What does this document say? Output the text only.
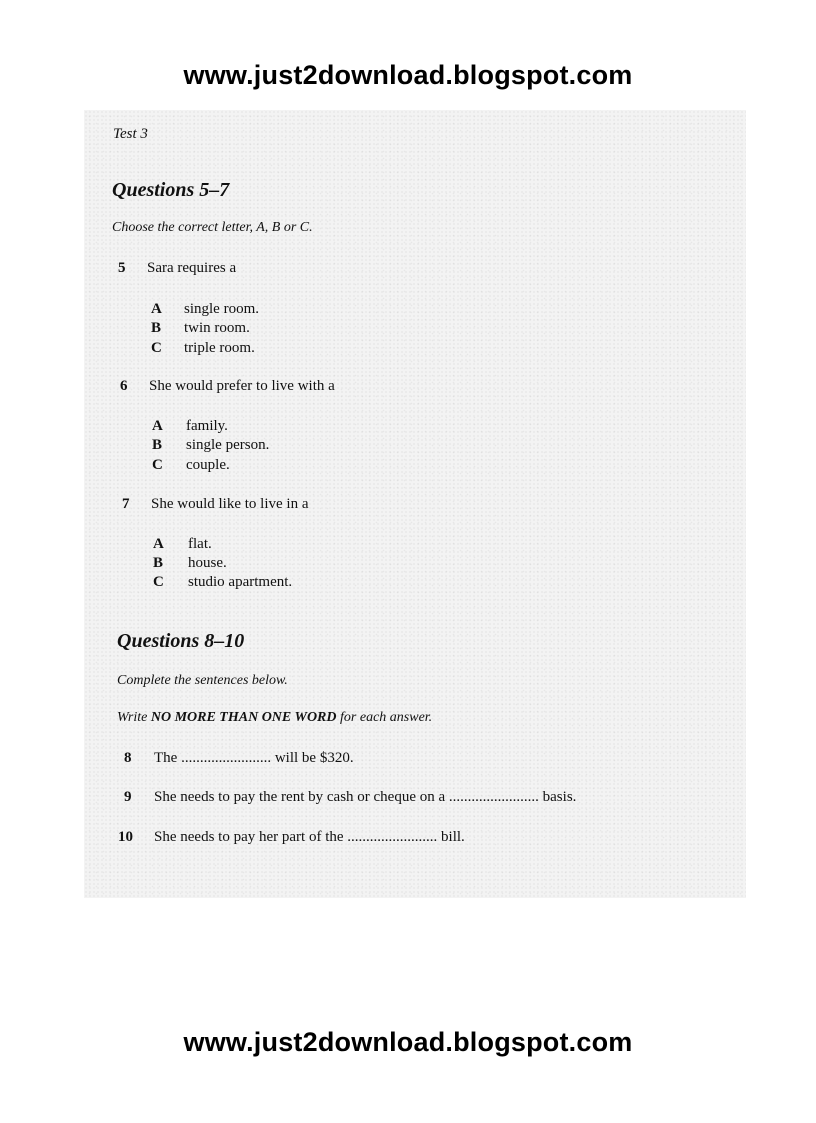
www.just2download.blogspot.com
Test 3
Questions 5–7
Choose the correct letter, A, B or C.
5 Sara requires a
A single room.
B twin room.
C triple room.
6 She would prefer to live with a
A family.
B single person.
C couple.
7 She would like to live in a
A flat.
B house.
C studio apartment.
Questions 8–10
Complete the sentences below.
Write NO MORE THAN ONE WORD for each answer.
8 The ........................ will be $320.
9 She needs to pay the rent by cash or cheque on a ........................ basis.
10 She needs to pay her part of the ........................ bill.
www.just2download.blogspot.com
